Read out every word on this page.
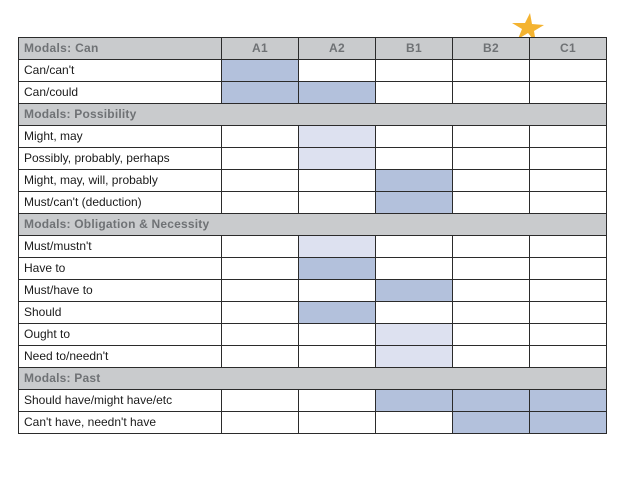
Modals: Can	A1	A2	B1	B2	C1
Can/can't					
Can/could					
Modals: Possibility					
Might, may					
Possibly, probably, perhaps					
Might, may, will, probably					
Must/can't (deduction)					
Modals: Obligation & Necessity					
Must/mustn't					
Have to					
Must/have to					
Should					
Ought to					
Need to/needn't					
Modals: Past					
Should have/might have/etc					
Can't have, needn't have					
